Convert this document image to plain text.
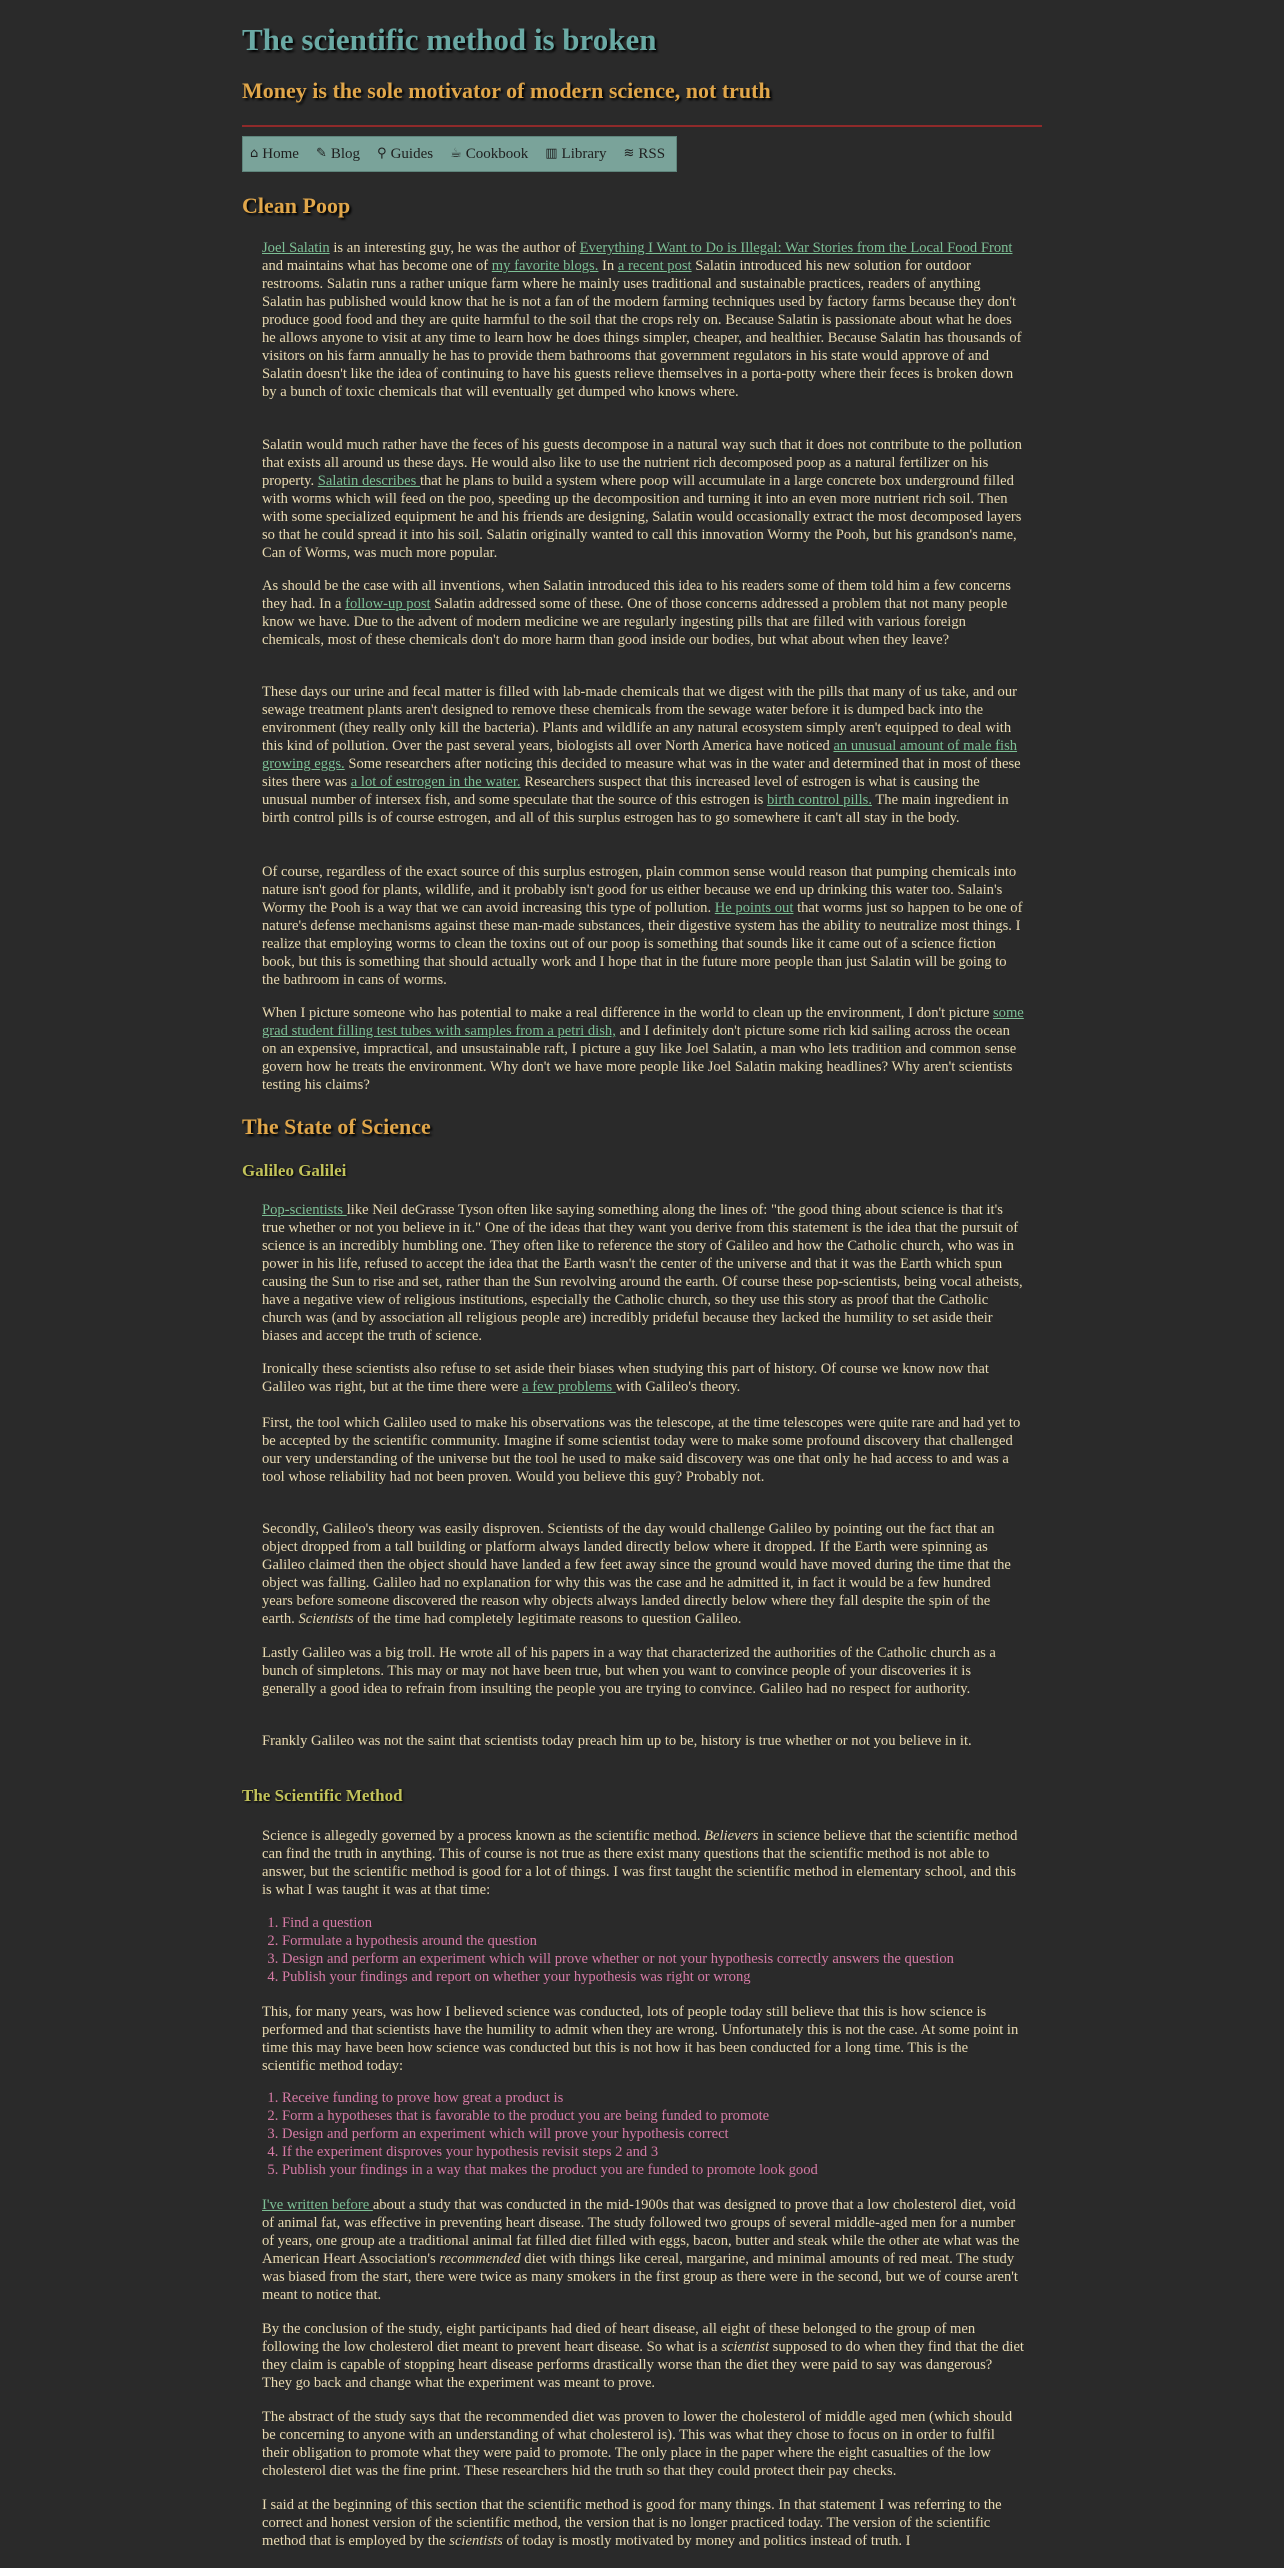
The scientific method is broken
Money is the sole motivator of modern science, not truth
⌂ Home ✎ Blog ⚲ Guides ☕ Cookbook ▥ Library ≋ RSS
Clean Poop

Joel Salatin is an interesting guy, he was the author of Everything I Want to Do is Illegal: War Stories from the Local Food Front and maintains what has become one of my favorite blogs. In a recent post Salatin introduced his new solution for outdoor restrooms. Salatin runs a rather unique farm where he mainly uses traditional and sustainable practices, readers of anything Salatin has published would know that he is not a fan of the modern farming techniques used by factory farms because they don't produce good food and they are quite harmful to the soil that the crops rely on. Because Salatin is passionate about what he does he allows anyone to visit at any time to learn how he does things simpler, cheaper, and healthier. Because Salatin has thousands of visitors on his farm annually he has to provide them bathrooms that government regulators in his state would approve of and Salatin doesn't like the idea of continuing to have his guests relieve themselves in a porta-potty where their feces is broken down by a bunch of toxic chemicals that will eventually get dumped who knows where.

Salatin would much rather have the feces of his guests decompose in a natural way such that it does not contribute to the pollution that exists all around us these days. He would also like to use the nutrient rich decomposed poop as a natural fertilizer on his property. Salatin describes that he plans to build a system where poop will accumulate in a large concrete box underground filled with worms which will feed on the poo, speeding up the decomposition and turning it into an even more nutrient rich soil. Then with some specialized equipment he and his friends are designing, Salatin would occasionally extract the most decomposed layers so that he could spread it into his soil. Salatin originally wanted to call this innovation Wormy the Pooh, but his grandson's name, Can of Worms, was much more popular.

As should be the case with all inventions, when Salatin introduced this idea to his readers some of them told him a few concerns they had. In a follow-up post Salatin addressed some of these. One of those concerns addressed a problem that not many people know we have. Due to the advent of modern medicine we are regularly ingesting pills that are filled with various foreign chemicals, most of these chemicals don't do more harm than good inside our bodies, but what about when they leave?

These days our urine and fecal matter is filled with lab-made chemicals that we digest with the pills that many of us take, and our sewage treatment plants aren't designed to remove these chemicals from the sewage water before it is dumped back into the environment (they really only kill the bacteria). Plants and wildlife an any natural ecosystem simply aren't equipped to deal with this kind of pollution. Over the past several years, biologists all over North America have noticed an unusual amount of male fish growing eggs. Some researchers after noticing this decided to measure what was in the water and determined that in most of these sites there was a lot of estrogen in the water. Researchers suspect that this increased level of estrogen is what is causing the unusual number of intersex fish, and some speculate that the source of this estrogen is birth control pills. The main ingredient in birth control pills is of course estrogen, and all of this surplus estrogen has to go somewhere it can't all stay in the body.

Of course, regardless of the exact source of this surplus estrogen, plain common sense would reason that pumping chemicals into nature isn't good for plants, wildlife, and it probably isn't good for us either because we end up drinking this water too. Salain's Wormy the Pooh is a way that we can avoid increasing this type of pollution. He points out that worms just so happen to be one of nature's defense mechanisms against these man-made substances, their digestive system has the ability to neutralize most things. I realize that employing worms to clean the toxins out of our poop is something that sounds like it came out of a science fiction book, but this is something that should actually work and I hope that in the future more people than just Salatin will be going to the bathroom in cans of worms.

When I picture someone who has potential to make a real difference in the world to clean up the environment, I don't picture some grad student filling test tubes with samples from a petri dish, and I definitely don't picture some rich kid sailing across the ocean on an expensive, impractical, and unsustainable raft, I picture a guy like Joel Salatin, a man who lets tradition and common sense govern how he treats the environment. Why don't we have more people like Joel Salatin making headlines? Why aren't scientists testing his claims?

The State of Science
Galileo Galilei

Pop-scientists like Neil deGrasse Tyson often like saying something along the lines of: "the good thing about science is that it's true whether or not you believe in it." One of the ideas that they want you derive from this statement is the idea that the pursuit of science is an incredibly humbling one. They often like to reference the story of Galileo and how the Catholic church, who was in power in his life, refused to accept the idea that the Earth wasn't the center of the universe and that it was the Earth which spun causing the Sun to rise and set, rather than the Sun revolving around the earth. Of course these pop-scientists, being vocal atheists, have a negative view of religious institutions, especially the Catholic church, so they use this story as proof that the Catholic church was (and by association all religious people are) incredibly prideful because they lacked the humility to set aside their biases and accept the truth of science.

Ironically these scientists also refuse to set aside their biases when studying this part of history. Of course we know now that Galileo was right, but at the time there were a few problems with Galileo's theory.

First, the tool which Galileo used to make his observations was the telescope, at the time telescopes were quite rare and had yet to be accepted by the scientific community. Imagine if some scientist today were to make some profound discovery that challenged our very understanding of the universe but the tool he used to make said discovery was one that only he had access to and was a tool whose reliability had not been proven. Would you believe this guy? Probably not.

Secondly, Galileo's theory was easily disproven. Scientists of the day would challenge Galileo by pointing out the fact that an object dropped from a tall building or platform always landed directly below where it dropped. If the Earth were spinning as Galileo claimed then the object should have landed a few feet away since the ground would have moved during the time that the object was falling. Galileo had no explanation for why this was the case and he admitted it, in fact it would be a few hundred years before someone discovered the reason why objects always landed directly below where they fall despite the spin of the earth. Scientists of the time had completely legitimate reasons to question Galileo.

Lastly Galileo was a big troll. He wrote all of his papers in a way that characterized the authorities of the Catholic church as a bunch of simpletons. This may or may not have been true, but when you want to convince people of your discoveries it is generally a good idea to refrain from insulting the people you are trying to convince. Galileo had no respect for authority.

Frankly Galileo was not the saint that scientists today preach him up to be, history is true whether or not you believe in it.

The Scientific Method

Science is allegedly governed by a process known as the scientific method. Believers in science believe that the scientific method can find the truth in anything. This of course is not true as there exist many questions that the scientific method is not able to answer, but the scientific method is good for a lot of things. I was first taught the scientific method in elementary school, and this is what I was taught it was at that time:

1. Find a question
2. Formulate a hypothesis around the question
3. Design and perform an experiment which will prove whether or not your hypothesis correctly answers the question
4. Publish your findings and report on whether your hypothesis was right or wrong

This, for many years, was how I believed science was conducted, lots of people today still believe that this is how science is performed and that scientists have the humility to admit when they are wrong. Unfortunately this is not the case. At some point in time this may have been how science was conducted but this is not how it has been conducted for a long time. This is the scientific method today:

1. Receive funding to prove how great a product is
2. Form a hypotheses that is favorable to the product you are being funded to promote
3. Design and perform an experiment which will prove your hypothesis correct
4. If the experiment disproves your hypothesis revisit steps 2 and 3
5. Publish your findings in a way that makes the product you are funded to promote look good

I've written before about a study that was conducted in the mid-1900s that was designed to prove that a low cholesterol diet, void of animal fat, was effective in preventing heart disease. The study followed two groups of several middle-aged men for a number of years, one group ate a traditional animal fat filled diet filled with eggs, bacon, butter and steak while the other ate what was the American Heart Association's recommended diet with things like cereal, margarine, and minimal amounts of red meat. The study was biased from the start, there were twice as many smokers in the first group as there were in the second, but we of course aren't meant to notice that.

By the conclusion of the study, eight participants had died of heart disease, all eight of these belonged to the group of men following the low cholesterol diet meant to prevent heart disease. So what is a scientist supposed to do when they find that the diet they claim is capable of stopping heart disease performs drastically worse than the diet they were paid to say was dangerous? They go back and change what the experiment was meant to prove.

The abstract of the study says that the recommended diet was proven to lower the cholesterol of middle aged men (which should be concerning to anyone with an understanding of what cholesterol is). This was what they chose to focus on in order to fulfil their obligation to promote what they were paid to promote. The only place in the paper where the eight casualties of the low cholesterol diet was the fine print. These researchers hid the truth so that they could protect their pay checks.

I said at the beginning of this section that the scientific method is good for many things. In that statement I was referring to the correct and honest version of the scientific method, the version that is no longer practiced today. The version of the scientific method that is employed by the scientists of today is mostly motivated by money and politics instead of truth. I
